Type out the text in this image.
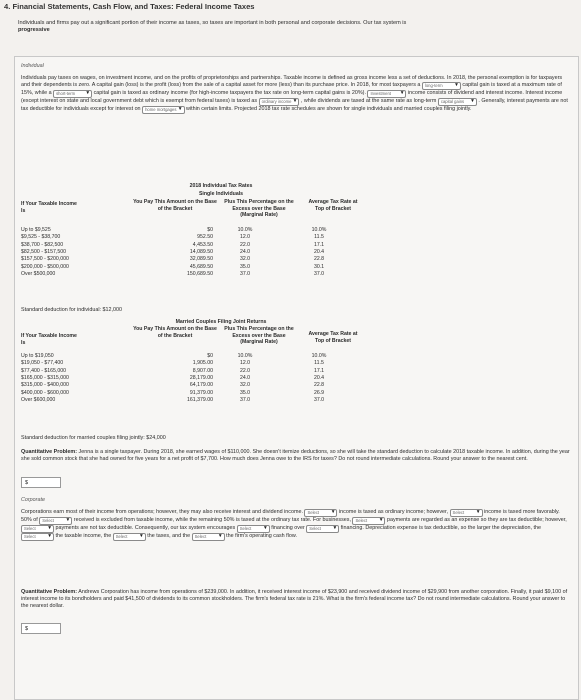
4. Financial Statements, Cash Flow, and Taxes: Federal Income Taxes
Individuals and firms pay out a significant portion of their income as taxes, so taxes are important in both personal and corporate decisions. Our tax system is
progressive
Individual
Individuals pay taxes on wages, on investment income, and on the profits of proprietorships and partnerships. Taxable income is defined as gross income less a set of deductions. In 2018, the personal exemption is for taxpayers and their dependents is zero. A capital gain (loss) is the profit (loss) from the sale of a capital asset for more (less) than its purchase price. In 2018, for most taxpayers a long-term ▼ capital gain is taxed at a maximum rate of 15%, while a short-term ▼ capital gain is taxed as ordinary income (for high-income taxpayers the tax rate on long-term capital gains is 20%). Investment ▼ income consists of dividend and interest income. Interest income (except interest on state and local government debt which is exempt from federal taxes) is taxed as ordinary income ▼ , while dividends are taxed at the same rate as long-term capital gains ▼ . Generally, interest payments are not tax deductible for individuals except for interest on home mortgages ▼ within certain limits. Projected 2018 tax rate schedules are shown for single individuals and married couples filing jointly.
2018 Individual Tax Rates
Single Individuals
If Your Taxable Income Is
You Pay This Amount on the Base of the Bracket
Plus This Percentage on the Excess over the Base (Marginal Rate)
Average Tax Rate at Top of Bracket
Up to $9,525	$0	10.0%	10.0%
$9,525 - $38,700	952.50	12.0	11.5
$38,700 - $82,500	4,453.50	22.0	17.1
$82,500 - $157,500	14,089.50	24.0	20.4
$157,500 - $200,000	32,089.50	32.0	22.8
$200,000 - $500,000	45,689.50	35.0	30.1
Over $500,000	150,689.50	37.0	37.0
Standard deduction for individual: $12,000
Married Couples Filing Joint Returns
If Your Taxable Income Is
You Pay This Amount on the Base of the Bracket
Plus This Percentage on the Excess over the Base (Marginal Rate)
Average Tax Rate at Top of Bracket
Up to $19,050	$0	10.0%	10.0%
$19,050 - $77,400	1,905.00	12.0	11.5
$77,400 - $165,000	8,907.00	22.0	17.1
$165,000 - $315,000	28,179.00	24.0	20.4
$315,000 - $400,000	64,179.00	32.0	22.8
$400,000 - $600,000	91,379.00	35.0	26.9
Over $600,000	161,379.00	37.0	37.0
Standard deduction for married couples filing jointly: $24,000
Quantitative Problem: Jenna is a single taxpayer. During 2018, she earned wages of $110,000. She doesn't itemize deductions, so she will take the standard deduction to calculate 2018 taxable income. In addition, during the year she sold common stock that she had owned for five years for a net profit of $7,700. How much does Jenna owe to the IRS for taxes? Do not round intermediate calculations. Round your answer to the nearest cent.
$
Corporate
Corporations earn most of their income from operations; however, they may also receive interest and dividend income. Select ▼ income is taxed as ordinary income; however, Select ▼ income is taxed more favorably. 50% of Select ▼ received is excluded from taxable income, while the remaining 50% is taxed at the ordinary tax rate. For businesses, Select ▼ payments are regarded as an expense so they are tax deductible; however, Select ▼ payments are not tax deductible. Consequently, our tax system encourages Select ▼ financing over Select ▼ financing. Depreciation expense is tax deductible, so the larger the depreciation, the Select ▼ the taxable income, the Select ▼ the taxes, and the Select ▼ the firm's operating cash flow.
Quantitative Problem: Andrews Corporation has income from operations of $239,000. In addition, it received interest income of $23,900 and received dividend income of $29,900 from another corporation. Finally, it paid $9,100 of interest income to its bondholders and paid $41,500 of dividends to its common stockholders. The firm's federal tax rate is 21%. What is the firm's federal income tax? Do not round intermediate calculations. Round your answer to the nearest dollar.
$
